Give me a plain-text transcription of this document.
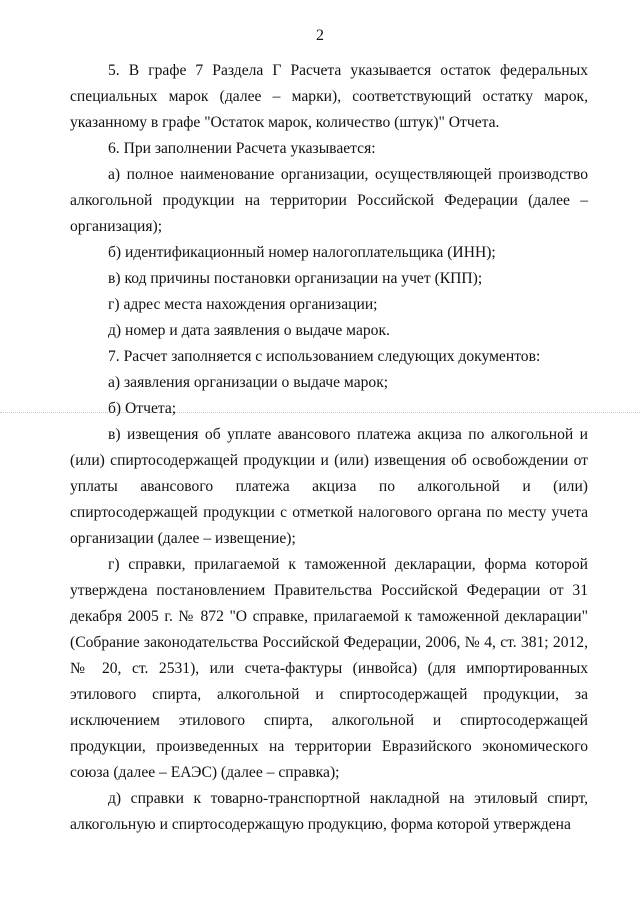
2

5. В графе 7 Раздела Г Расчета указывается остаток федеральных специальных марок (далее – марки), соответствующий остатку марок, указанному в графе "Остаток марок, количество (штук)" Отчета.

6. При заполнении Расчета указывается:

а) полное наименование организации, осуществляющей производство алкогольной продукции на территории Российской Федерации (далее – организация);

б) идентификационный номер налогоплательщика (ИНН);

в) код причины постановки организации на учет (КПП);

г) адрес места нахождения организации;

д) номер и дата заявления о выдаче марок.

7. Расчет заполняется с использованием следующих документов:

а) заявления организации о выдаче марок;

б) Отчета;

в) извещения об уплате авансового платежа акциза по алкогольной и (или) спиртосодержащей продукции и (или) извещения об освобождении от уплаты авансового платежа акциза по алкогольной и (или) спиртосодержащей продукции с отметкой налогового органа по месту учета организации (далее – извещение);

г) справки, прилагаемой к таможенной декларации, форма которой утверждена постановлением Правительства Российской Федерации от 31 декабря 2005 г. № 872 "О справке, прилагаемой к таможенной декларации" (Собрание законодательства Российской Федерации, 2006, № 4, ст. 381; 2012, № 20, ст. 2531), или счета-фактуры (инвойса) (для импортированных этилового спирта, алкогольной и спиртосодержащей продукции, за исключением этилового спирта, алкогольной и спиртосодержащей продукции, произведенных на территории Евразийского экономического союза (далее – ЕАЭС) (далее – справка);

д) справки к товарно-транспортной накладной на этиловый спирт, алкогольную и спиртосодержащую продукцию, форма которой утверждена
